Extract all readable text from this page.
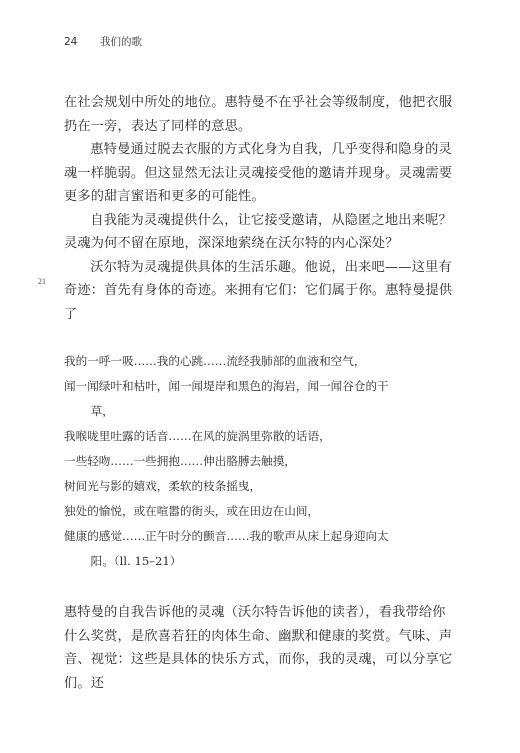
24 我们的歌
21

在社会规划中所处的地位。惠特曼不在乎社会等级制度，他把衣服扔在一旁，表达了同样的意思。

惠特曼通过脱去衣服的方式化身为自我，几乎变得和隐身的灵魂一样脆弱。但这显然无法让灵魂接受他的邀请并现身。灵魂需要更多的甜言蜜语和更多的可能性。

自我能为灵魂提供什么，让它接受邀请，从隐匿之地出来呢？灵魂为何不留在原地，深深地萦绕在沃尔特的内心深处？

沃尔特为灵魂提供具体的生活乐趣。他说，出来吧——这里有奇迹：首先有身体的奇迹。来拥有它们：它们属于你。惠特曼提供了

我的一呼一吸……我的心跳……流经我肺部的血液和空气，
闻一闻绿叶和枯叶，闻一闻堤岸和黑色的海岩，闻一闻谷仓的干
草，
我喉咙里吐露的话音……在风的旋涡里弥散的话语，
一些轻吻……一些拥抱……伸出胳膊去触摸，
树间光与影的嬉戏，柔软的枝条摇曳，
独处的愉悦，或在喧嚣的街头，或在田边在山间，
健康的感觉……正午时分的颤音……我的歌声从床上起身迎向太
阳。（ll. 15–21）

惠特曼的自我告诉他的灵魂（沃尔特告诉他的读者），看我带给你什么奖赏，是欣喜若狂的肉体生命、幽默和健康的奖赏。气味、声音、视觉：这些是具体的快乐方式，而你，我的灵魂，可以分享它们。还
